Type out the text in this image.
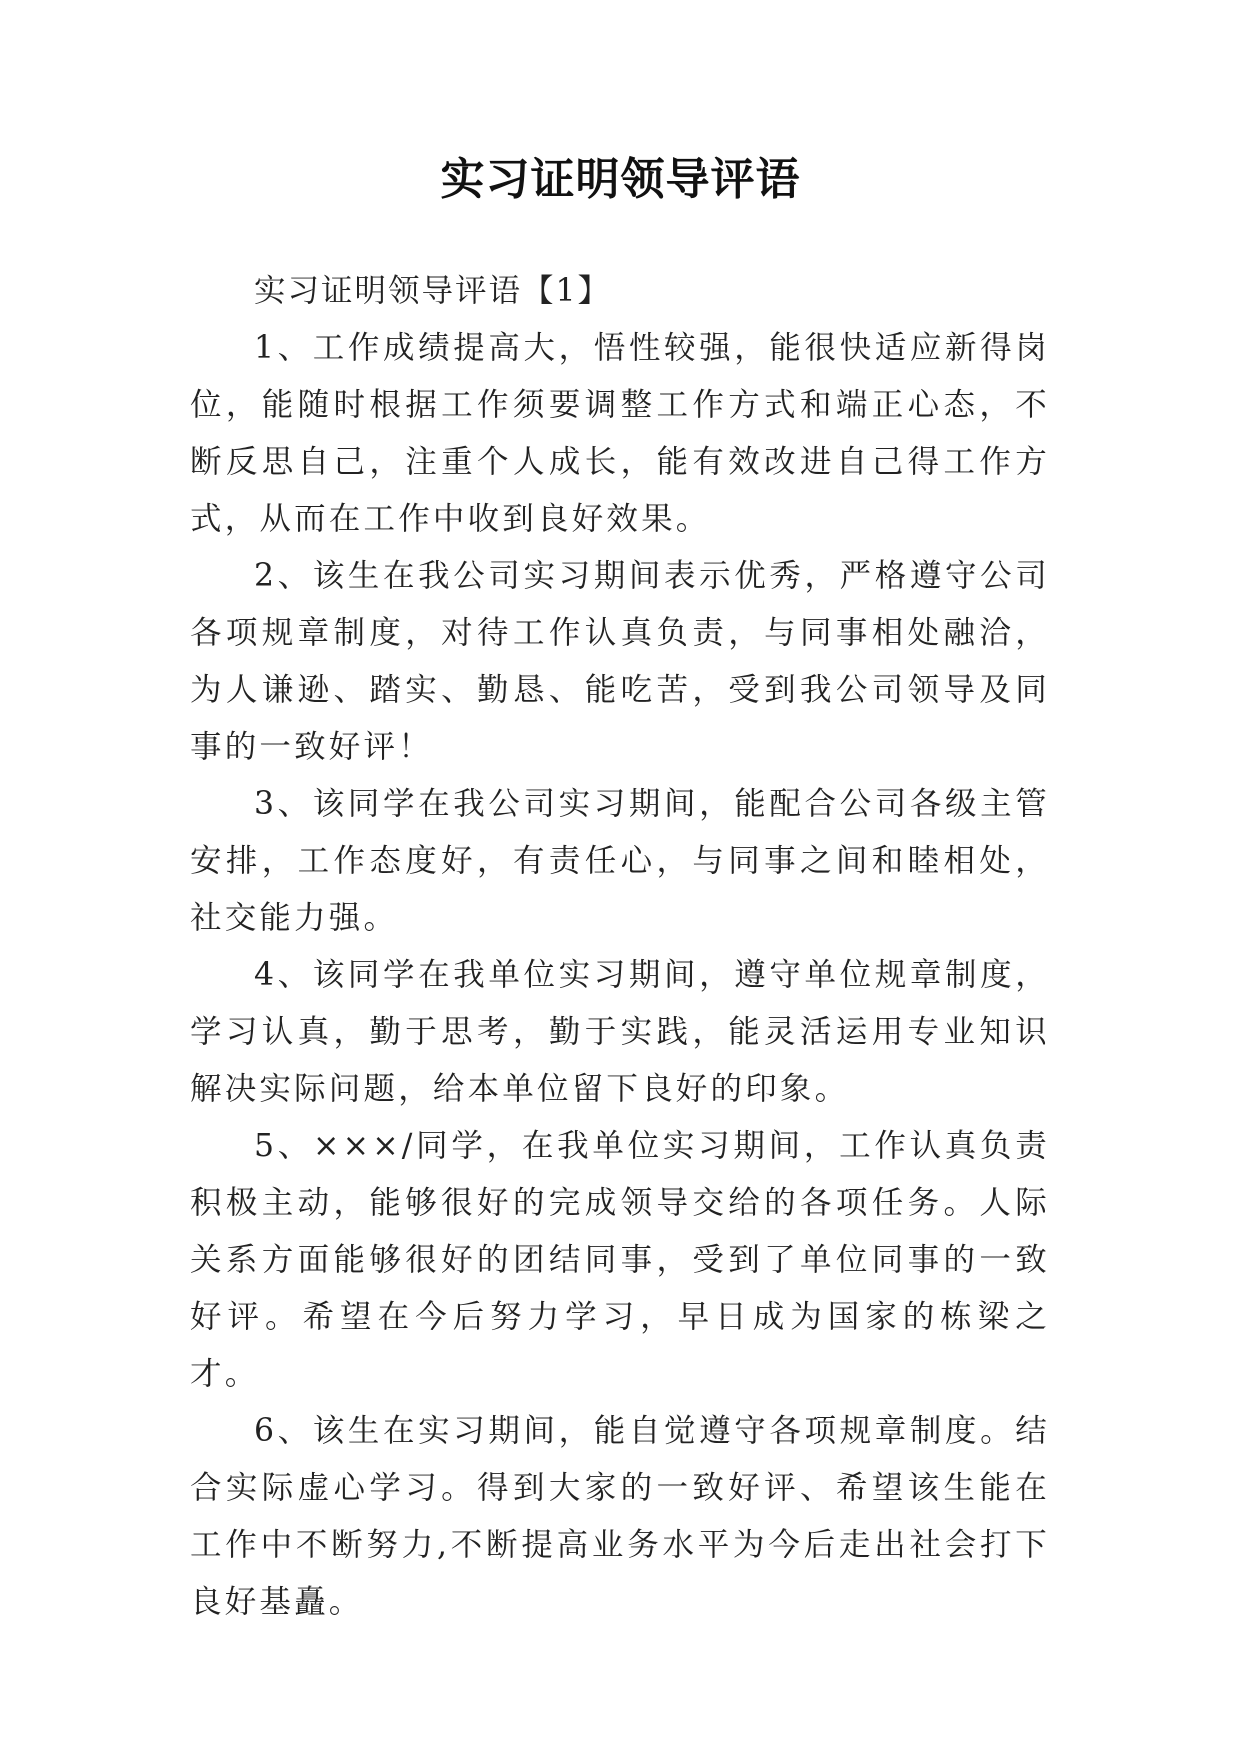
实习证明领导评语

实习证明领导评语【1】

1、工作成绩提高大，悟性较强，能很快适应新得岗位，能随时根据工作须要调整工作方式和端正心态，不断反思自己，注重个人成长，能有效改进自己得工作方式，从而在工作中收到良好效果。

2、该生在我公司实习期间表示优秀，严格遵守公司各项规章制度，对待工作认真负责，与同事相处融洽，为人谦逊、踏实、勤恳、能吃苦，受到我公司领导及同事的一致好评！

3、该同学在我公司实习期间，能配合公司各级主管安排，工作态度好，有责任心，与同事之间和睦相处，社交能力强。

4、该同学在我单位实习期间，遵守单位规章制度，学习认真，勤于思考，勤于实践，能灵活运用专业知识解决实际问题，给本单位留下良好的印象。

5、×××/同学，在我单位实习期间，工作认真负责积极主动，能够很好的完成领导交给的各项任务。人际关系方面能够很好的团结同事，受到了单位同事的一致好评。希望在今后努力学习，早日成为国家的栋梁之才。

6、该生在实习期间，能自觉遵守各项规章制度。结合实际虚心学习。得到大家的一致好评、希望该生能在工作中不断努力,不断提高业务水平为今后走出社会打下良好基矗。
